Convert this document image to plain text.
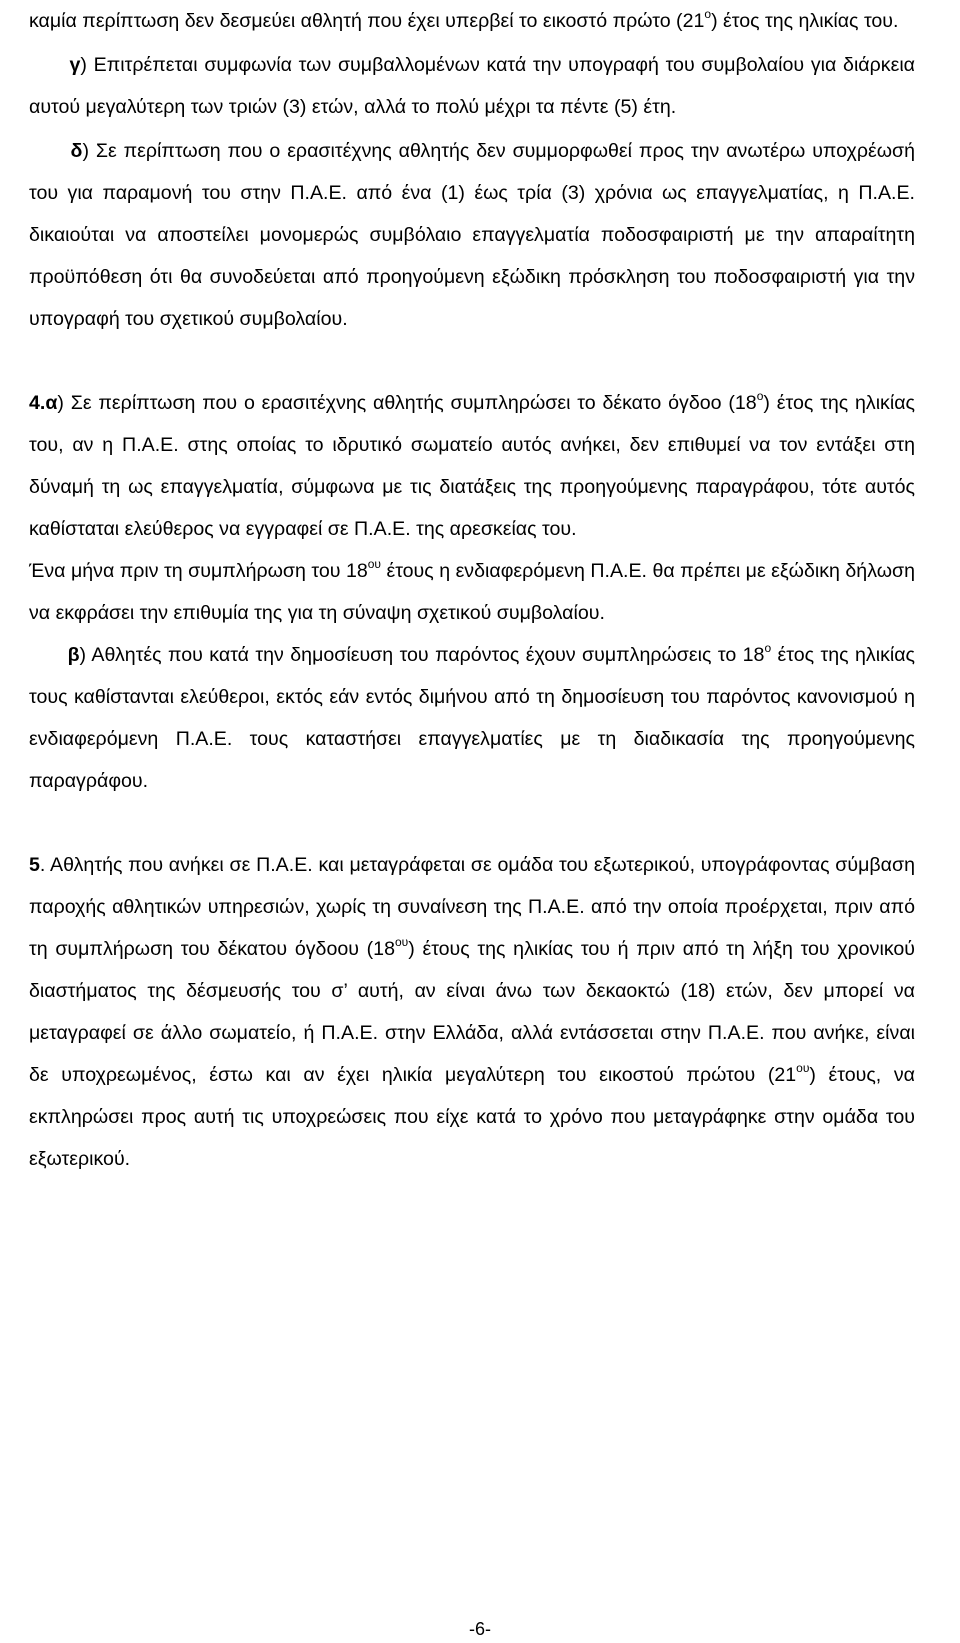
καμία περίπτωση δεν δεσμεύει αθλητή που έχει υπερβεί το εικοστό πρώτο $(21^o)$ έτος της ηλικίας του.

γ) Επιτρέπεται συμφωνία των συμβαλλομένων κατά την υπογραφή του συμβολαίου για διάρκεια αυτού μεγαλύτερη των τριών (3) ετών, αλλά το πολύ μέχρι τα πέντε (5) έτη.

δ) Σε περίπτωση που ο ερασιτέχνης αθλητής δεν συμμορφωθεί προς την ανωτέρω υποχρέωσή του για παραμονή του στην Π.Α.Ε. από ένα (1) έως τρία (3) χρόνια ως επαγγελματίας, η Π.Α.Ε. δικαιούται να αποστείλει μονομερώς συμβόλαιο επαγγελματία ποδοσφαιριστή με την απαραίτητη προϋπόθεση ότι θα συνοδεύεται από προηγούμενη εξώδικη πρόσκληση του ποδοσφαιριστή για την υπογραφή του σχετικού συμβολαίου.

4.α) Σε περίπτωση που ο ερασιτέχνης αθλητής συμπληρώσει το δέκατο όγδοο $(18^o)$ έτος της ηλικίας του, αν η Π.Α.Ε. στης οποίας το ιδρυτικό σωματείο αυτός ανήκει, δεν επιθυμεί να τον εντάξει στη δύναμή τη ως επαγγελματία, σύμφωνα με τις διατάξεις της προηγούμενης παραγράφου, τότε αυτός καθίσταται ελεύθερος να εγγραφεί σε Π.Α.Ε. της αρεσκείας του.

Ένα μήνα πριν τη συμπλήρωση του $18^{o\upsilon}$ έτους η ενδιαφερόμενη Π.Α.Ε. θα πρέπει με εξώδικη δήλωση να εκφράσει την επιθυμία της για τη σύναψη σχετικού συμβολαίου.

β) Αθλητές που κατά την δημοσίευση του παρόντος έχουν συμπληρώσεις το $18^o$ έτος της ηλικίας τους καθίστανται ελεύθεροι, εκτός εάν εντός διμήνου από τη δημοσίευση του παρόντος κανονισμού η ενδιαφερόμενη Π.Α.Ε. τους καταστήσει επαγγελματίες με τη διαδικασία της προηγούμενης παραγράφου.

5. Αθλητής που ανήκει σε Π.Α.Ε. και μεταγράφεται σε ομάδα του εξωτερικού, υπογράφοντας σύμβαση παροχής αθλητικών υπηρεσιών, χωρίς τη συναίνεση της Π.Α.Ε. από την οποία προέρχεται, πριν από τη συμπλήρωση του δέκατου όγδοου $(18^{o\upsilon})$ έτους της ηλικίας του ή πριν από τη λήξη του χρονικού διαστήματος της δέσμευσής του σ’ αυτή, αν είναι άνω των δεκαοκτώ (18) ετών, δεν μπορεί να μεταγραφεί σε άλλο σωματείο, ή Π.Α.Ε. στην Ελλάδα, αλλά εντάσσεται στην Π.Α.Ε. που ανήκε, είναι δε υποχρεωμένος, έστω και αν έχει ηλικία μεγαλύτερη του εικοστού πρώτου $(21^{o\upsilon})$ έτους, να εκπληρώσει προς αυτή τις υποχρεώσεις που είχε κατά το χρόνο που μεταγράφηκε στην ομάδα του εξωτερικού.

-6-
